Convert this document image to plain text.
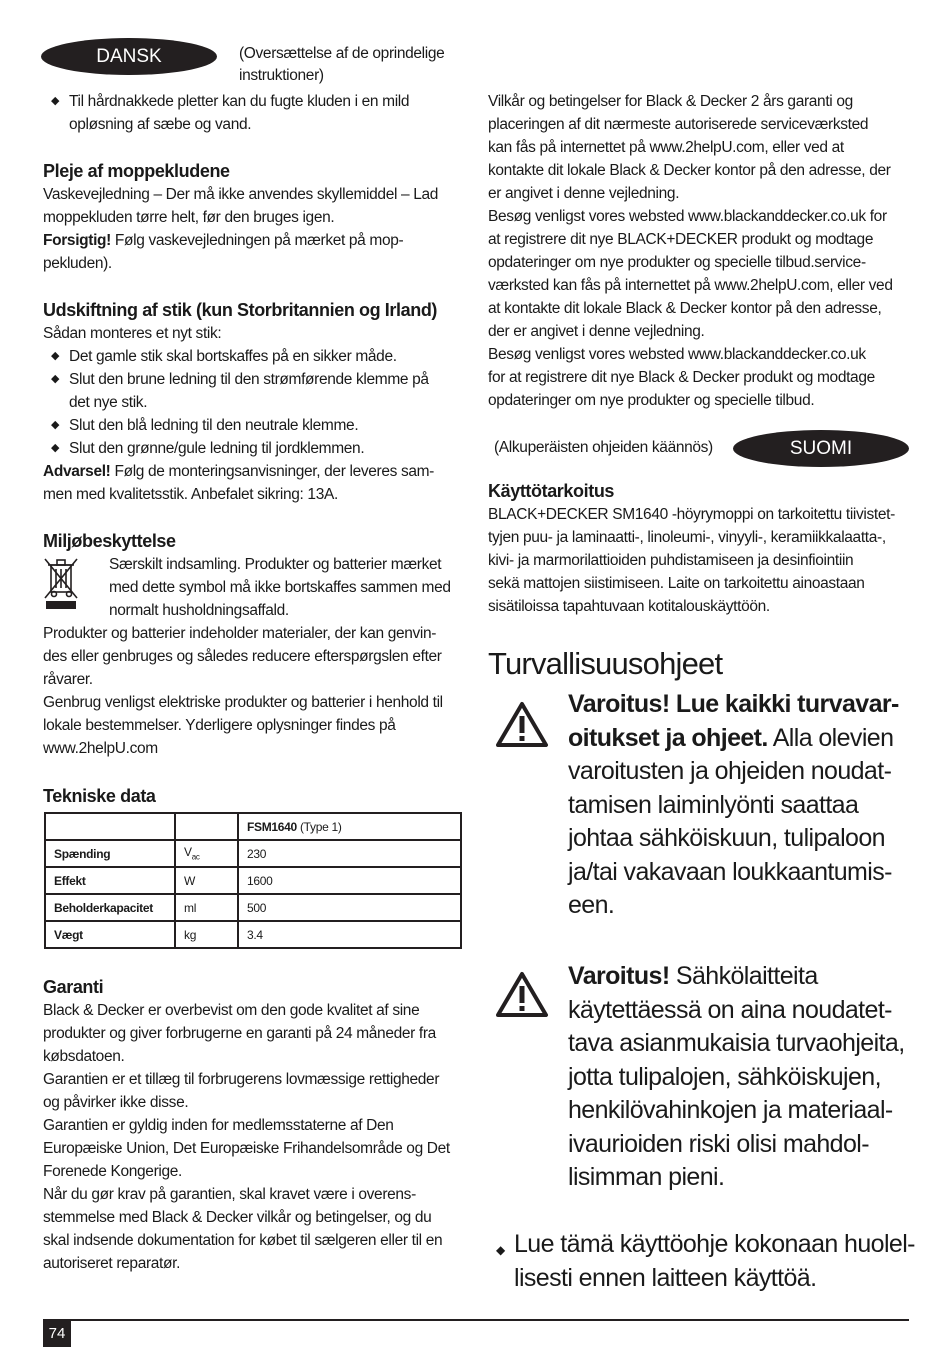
DANSK	(Oversættelse af de oprindelige
instruktioner)
◆ Til hårdnakkede pletter kan du fugte kluden i en mild
opløsning af sæbe og vand.
Pleje af moppekludene

Vaskevejledning – Der må ikke anvendes skyllemiddel – Lad

moppekluden tørre helt, før den bruges igen.

Forsigtig! Følg vaskevejledningen på mærket på mop-

pekluden).

Udskiftning af stik (kun Storbritannien og Irland)

Sådan monteres et nyt stik:

◆ Det gamle stik skal bortskaffes på en sikker måde.
◆ Slut den brune ledning til den strømførende klemme på
det nye stik.
◆ Slut den blå ledning til den neutrale klemme.
◆ Slut den grønne/gule ledning til jordklemmen.

Advarsel! Følg de monteringsanvisninger, der leveres sam-

men med kvalitetsstik. Anbefalet sikring: 13A.

Miljøbeskyttelse

Særskilt indsamling. Produkter og batterier mærket

med dette symbol må ikke bortskaffes sammen med

normalt husholdningsaffald.

Produkter og batterier indeholder materialer, der kan genvin-

des eller genbruges og således reducere efterspørgslen efter

råvarer.

Genbrug venligst elektriske produkter og batterier i henhold til

lokale bestemmelser. Yderligere oplysninger findes på

www.2helpU.com

Tekniske data
		FSM1640 (Type 1)
Spænding	$V_{ac}$	230
Effekt	W	1600
Beholderkapacitet	ml	500
Vægt	kg	3.4
Garanti

Black & Decker er overbevist om den gode kvalitet af sine

produkter og giver forbrugerne en garanti på 24 måneder fra

købsdatoen.

Garantien er et tillæg til forbrugerens lovmæssige rettigheder

og påvirker ikke disse.

Garantien er gyldig inden for medlemsstaterne af Den

Europæiske Union, Det Europæiske Frihandelsområde og Det

Forenede Kongerige.

Når du gør krav på garantien, skal kravet være i overens-

stemmelse med Black & Decker vilkår og betingelser, og du

skal indsende dokumentation for købet til sælgeren eller til en

autoriseret reparatør.

Vilkår og betingelser for Black & Decker 2 års garanti og

placeringen af dit nærmeste autoriserede serviceværksted

kan fås på internettet på www.2helpU.com, eller ved at

kontakte dit lokale Black & Decker kontor på den adresse, der

er angivet i denne vejledning.

Besøg venligst vores websted www.blackanddecker.co.uk for

at registrere dit nye BLACK+DECKER produkt og modtage

opdateringer om nye produkter og specielle tilbud.service-

værksted kan fås på internettet på www.2helpU.com, eller ved

at kontakte dit lokale Black & Decker kontor på den adresse,

der er angivet i denne vejledning.

Besøg venligst vores websted www.blackanddecker.co.uk

for at registrere dit nye Black & Decker produkt og modtage

opdateringer om nye produkter og specielle tilbud.

(Alkuperäisten ohjeiden käännös)	SUOMI
Käyttötarkoitus

BLACK+DECKER SM1640 -höyrymoppi on tarkoitettu tiivistet-

tyjen puu- ja laminaatti-, linoleumi-, vinyyli-, keramiikkalaatta-,

kivi- ja marmorilattioiden puhdistamiseen ja desinfiointiin

sekä mattojen siistimiseen. Laite on tarkoitettu ainoastaan

sisätiloissa tapahtuvaan kotitalouskäyttöön.

Turvallisuusohjeet
Varoitus! Lue kaikki turvavar-
oitukset ja ohjeet. Alla olevien
varoitusten ja ohjeiden noudat-
tamisen laiminlyönti saattaa
johtaa sähköiskuun, tulipaloon
ja/tai vakavaan loukkaantumis-
een.
Varoitus! Sähkölaitteita
käytettäessä on aina noudatet-
tava asianmukaisia turvaohjeita,
jotta tulipalojen, sähköiskujen,
henkilövahinkojen ja materiaal-
ivaurioiden riski olisi mahdol-
lisimman pieni.
◆ Lue tämä käyttöohje kokonaan huolel-
lisesti ennen laitteen käyttöä.
74
